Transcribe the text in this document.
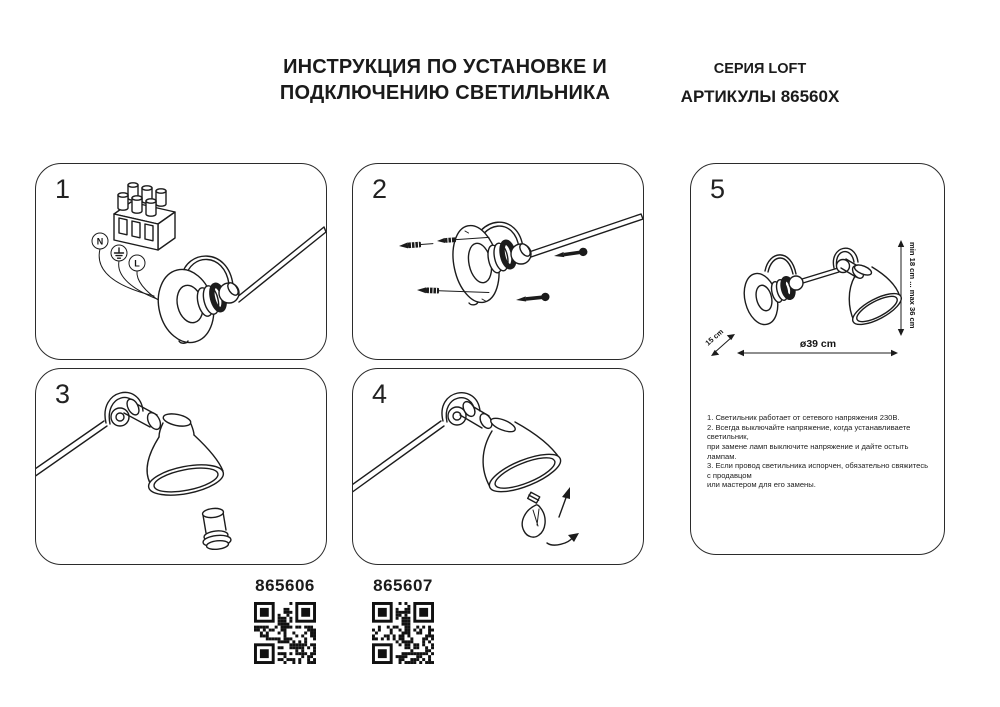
ИНСТРУКЦИЯ ПО УСТАНОВКЕ И
ПОДКЛЮЧЕНИЮ СВЕТИЛЬНИКА
СЕРИЯ LOFT
АРТИКУЛЫ 86560X
1
N
L
2
3	4
5
min 18 cm ... max 36 cm
15 cm	ø39 cm
1. Светильник работает от сетевого напряжения 230В.
2. Всегда выключайте напряжение, когда устанавливаете светильник,
при замене ламп выключите напряжение и дайте остыть лампам.
3. Если провод светильника испорчен, обязательно свяжитесь с продавцом
или мастером для его замены.
865606	865607
